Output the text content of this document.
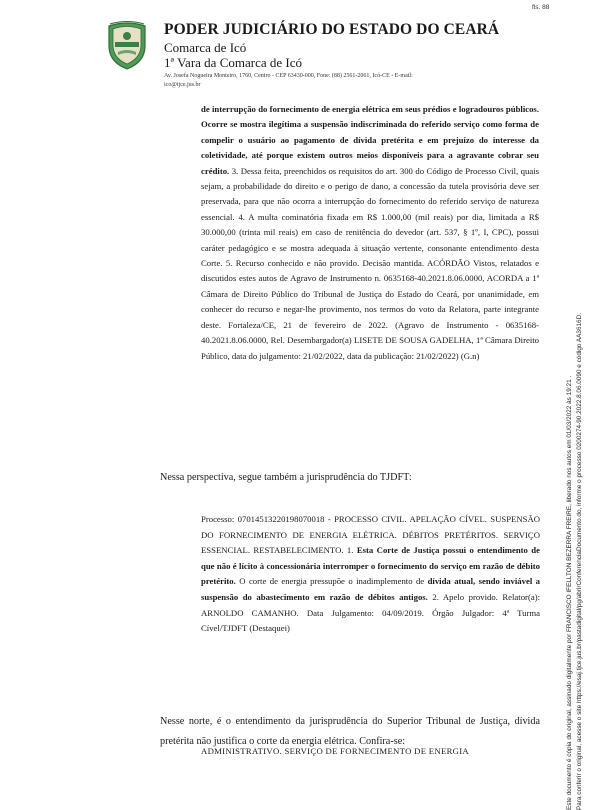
fls. 88
PODER JUDICIÁRIO DO ESTADO DO CEARÁ
Comarca de Icó
1ª Vara da Comarca de Icó
Av. Josefa Nogueira Monteiro, 1760, Centro - CEP 63430-000, Fone: (88) 2561-2061, Icó-CE - E-mail:
ico@tjce.jus.br
de interrupção do fornecimento de energia elétrica em seus prédios e logradouros públicos. Ocorre se mostra ilegítima a suspensão indiscriminada do referido serviço como forma de compelir o usuário ao pagamento de dívida pretérita e em prejuízo do interesse da coletividade, até porque existem outros meios disponíveis para a agravante cobrar seu crédito. 3. Dessa feita, preenchidos os requisitos do art. 300 do Código de Processo Civil, quais sejam, a probabilidade do direito e o perigo de dano, a concessão da tutela provisória deve ser preservada, para que não ocorra a interrupção do fornecimento do referido serviço de natureza essencial. 4. A multa cominatória fixada em R$ 1.000,00 (mil reais) por dia, limitada a R$ 30.000,00 (trinta mil reais) em caso de renitência do devedor (art. 537, § 1º, I, CPC), possui caráter pedagógico e se mostra adequada à situação vertente, consonante entendimento desta Corte. 5. Recurso conhecido e não provido. Decisão mantida. ACÓRDÃO Vistos, relatados e discutidos estes autos de Agravo de Instrumento n. 0635168-40.2021.8.06.0000, ACORDA a 1ª Câmara de Direito Público do Tribunal de Justiça do Estado do Ceará, por unanimidade, em conhecer do recurso e negar-lhe provimento, nos termos do voto da Relatora, parte integrante deste. Fortaleza/CE, 21 de fevereiro de 2022. (Agravo de Instrumento - 0635168-40.2021.8.06.0000, Rel. Desembargador(a) LISETE DE SOUSA GADELHA, 1ª Câmara Direito Público, data do julgamento: 21/02/2022, data da publicação: 21/02/2022) (G.n)
Nessa perspectiva, segue também a jurisprudência do TJDFT:
Processo: 07014513220198070018 - PROCESSO CIVIL. APELAÇÃO CÍVEL. SUSPENSÃO DO FORNECIMENTO DE ENERGIA ELÉTRICA. DÉBITOS PRETÉRITOS. SERVIÇO ESSENCIAL. RESTABELECIMENTO. 1. Esta Corte de Justiça possui o entendimento de que não é lícito à concessionária interromper o fornecimento do serviço em razão de débito pretérito. O corte de energia pressupõe o inadimplemento de dívida atual, sendo inviável a suspensão do abastecimento em razão de débitos antigos. 2. Apelo provido. Relator(a): ARNOLDO CAMANHO. Data Julgamento: 04/09/2019. Órgão Julgador: 4ª Turma Cível/TJDFT (Destaquei)
Nesse norte, é o entendimento da jurisprudência do Superior Tribunal de Justiça, dívida pretérita não justifica o corte da energia elétrica. Confira-se:
ADMINISTRATIVO. SERVIÇO DE FORNECIMENTO DE ENERGIA	Este documento é cópia do original, assinado digitalmente por FRANCISCO IFELLTON BEZERRA FREIRE, liberado nos autos em 01/03/2022 às 19:21 . Para conferir o original, acesse o site https://esaj.tjce.jus.br/pastadigital/pg/abrirConferenciaDocumento.do, informe o processo 0200274-90.2022.8.06.0090 e código AA3616D.
